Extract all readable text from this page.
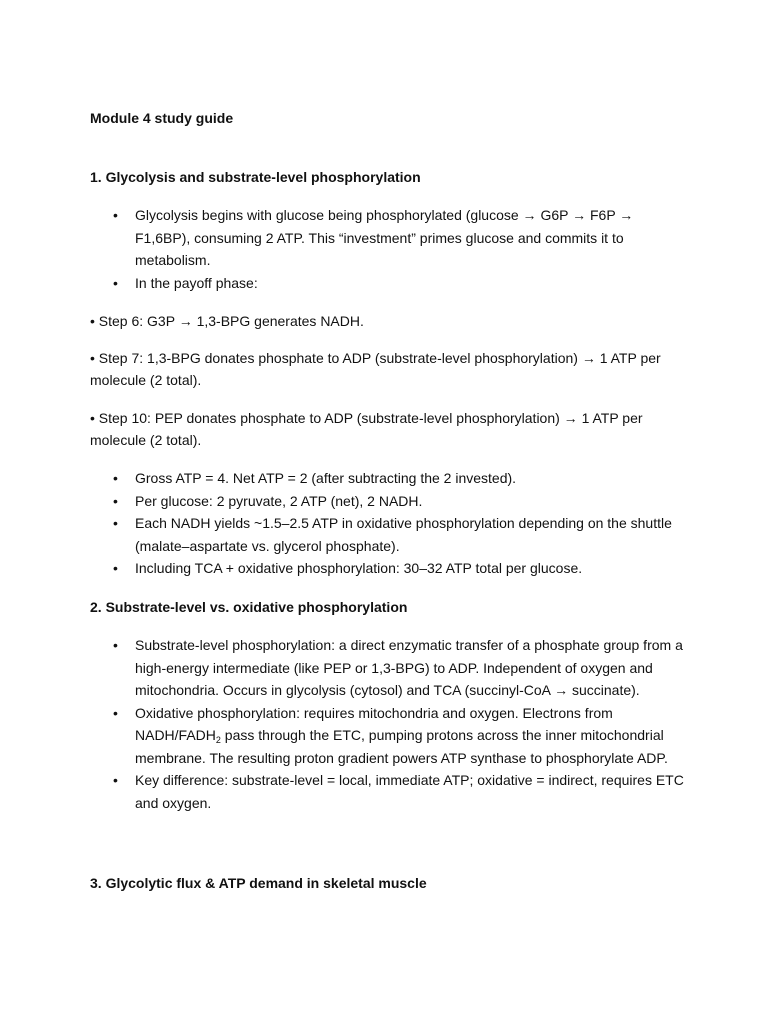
Module 4 study guide

1. Glycolysis and substrate-level phosphorylation

• Glycolysis begins with glucose being phosphorylated (glucose → G6P → F6P → F1,6BP), consuming 2 ATP. This “investment” primes glucose and commits it to metabolism.
• In the payoff phase:

• Step 6: G3P → 1,3-BPG generates NADH.

• Step 7: 1,3-BPG donates phosphate to ADP (substrate-level phosphorylation) → 1 ATP per molecule (2 total).

• Step 10: PEP donates phosphate to ADP (substrate-level phosphorylation) → 1 ATP per molecule (2 total).

• Gross ATP = 4. Net ATP = 2 (after subtracting the 2 invested).
• Per glucose: 2 pyruvate, 2 ATP (net), 2 NADH.
• Each NADH yields ~1.5–2.5 ATP in oxidative phosphorylation depending on the shuttle (malate–aspartate vs. glycerol phosphate).
• Including TCA + oxidative phosphorylation: 30–32 ATP total per glucose.

2. Substrate-level vs. oxidative phosphorylation

• Substrate-level phosphorylation: a direct enzymatic transfer of a phosphate group from a high-energy intermediate (like PEP or 1,3-BPG) to ADP. Independent of oxygen and mitochondria. Occurs in glycolysis (cytosol) and TCA (succinyl-CoA → succinate).
• Oxidative phosphorylation: requires mitochondria and oxygen. Electrons from NADH/$FADH_2$ pass through the ETC, pumping protons across the inner mitochondrial membrane. The resulting proton gradient powers ATP synthase to phosphorylate ADP.
• Key difference: substrate-level = local, immediate ATP; oxidative = indirect, requires ETC and oxygen.

3. Glycolytic flux & ATP demand in skeletal muscle
